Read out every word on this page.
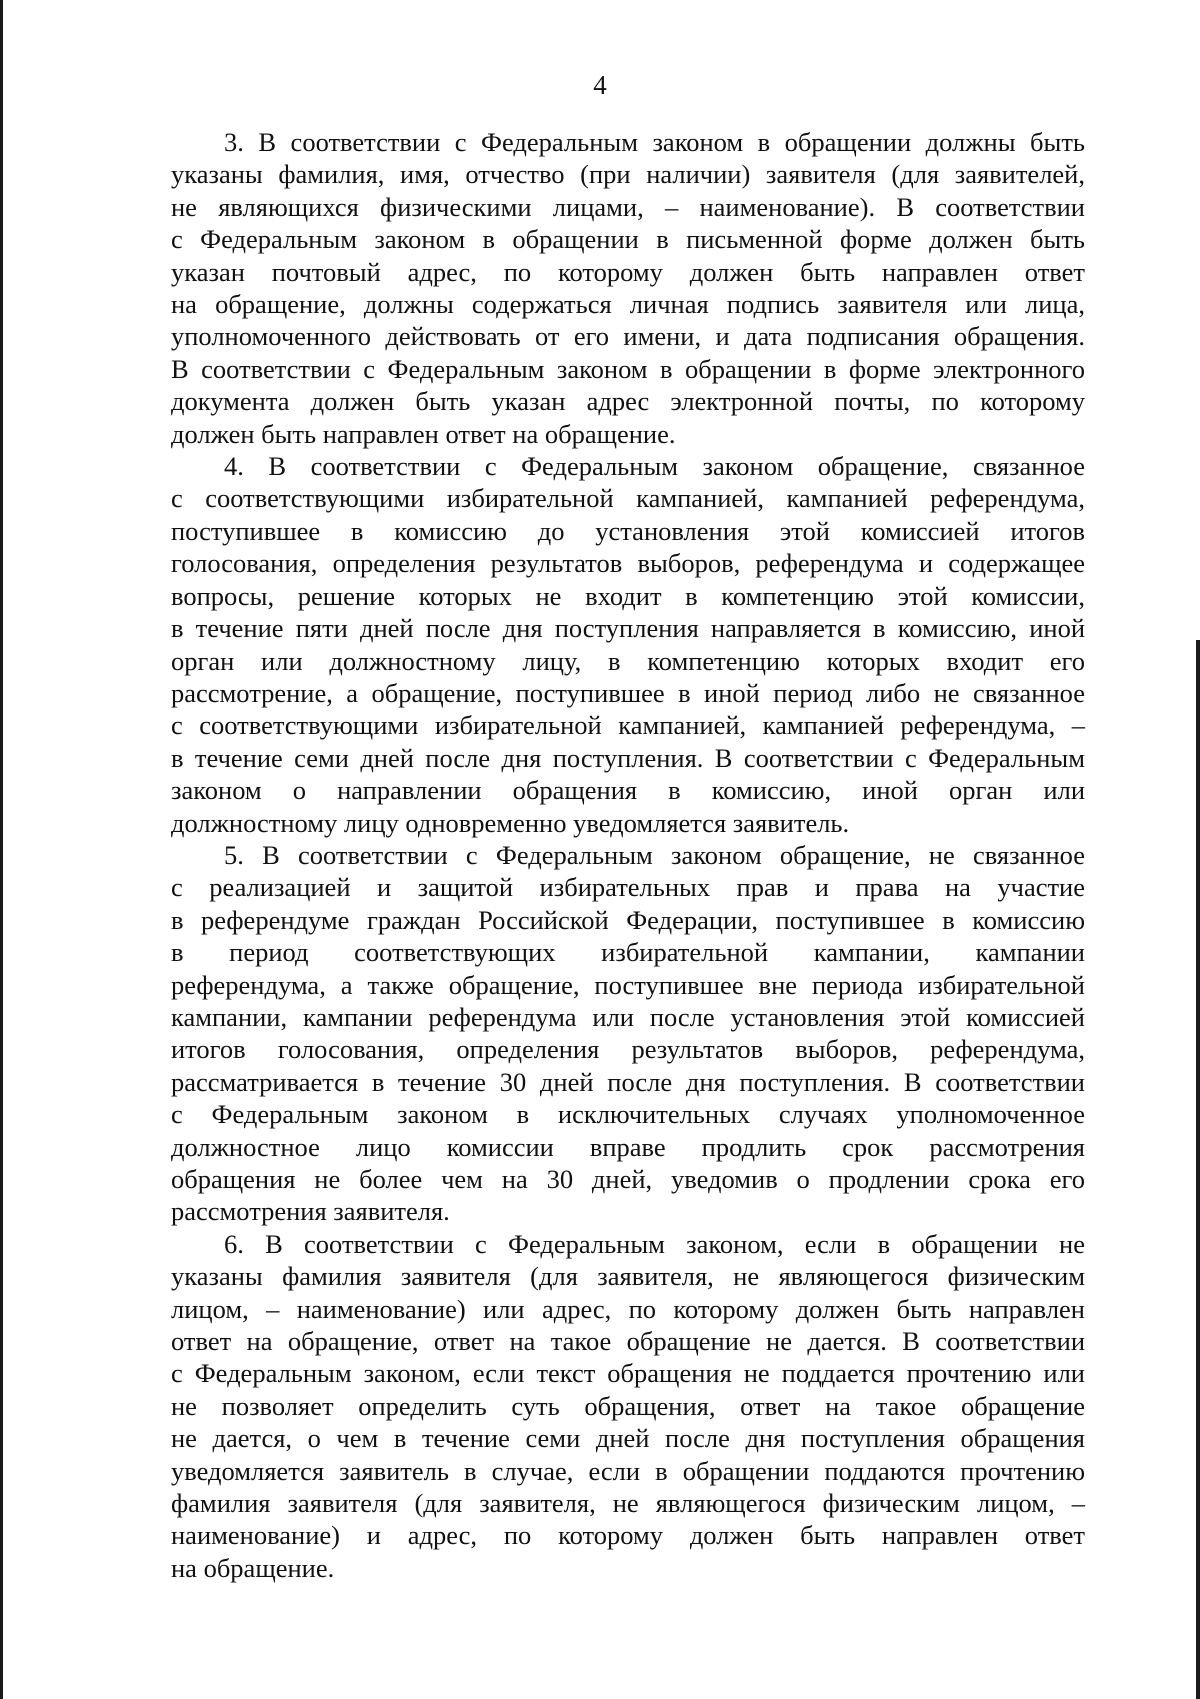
4
3. В соответствии с Федеральным законом в обращении должны быть
указаны фамилия, имя, отчество (при наличии) заявителя (для заявителей,
не являющихся физическими лицами, – наименование). В соответствии
с Федеральным законом в обращении в письменной форме должен быть
указан почтовый адрес, по которому должен быть направлен ответ
на обращение, должны содержаться личная подпись заявителя или лица,
уполномоченного действовать от его имени, и дата подписания обращения.
В соответствии с Федеральным законом в обращении в форме электронного
документа должен быть указан адрес электронной почты, по которому
должен быть направлен ответ на обращение.
4. В соответствии с Федеральным законом обращение, связанное
с соответствующими избирательной кампанией, кампанией референдума,
поступившее в комиссию до установления этой комиссией итогов
голосования, определения результатов выборов, референдума и содержащее
вопросы, решение которых не входит в компетенцию этой комиссии,
в течение пяти дней после дня поступления направляется в комиссию, иной
орган или должностному лицу, в компетенцию которых входит его
рассмотрение, а обращение, поступившее в иной период либо не связанное
с соответствующими избирательной кампанией, кампанией референдума, –
в течение семи дней после дня поступления. В соответствии с Федеральным
законом о направлении обращения в комиссию, иной орган или
должностному лицу одновременно уведомляется заявитель.
5. В соответствии с Федеральным законом обращение, не связанное
с реализацией и защитой избирательных прав и права на участие
в референдуме граждан Российской Федерации, поступившее в комиссию
в период соответствующих избирательной кампании, кампании
референдума, а также обращение, поступившее вне периода избирательной
кампании, кампании референдума или после установления этой комиссией
итогов голосования, определения результатов выборов, референдума,
рассматривается в течение 30 дней после дня поступления. В соответствии
с Федеральным законом в исключительных случаях уполномоченное
должностное лицо комиссии вправе продлить срок рассмотрения
обращения не более чем на 30 дней, уведомив о продлении срока его
рассмотрения заявителя.
6. В соответствии с Федеральным законом, если в обращении не
указаны фамилия заявителя (для заявителя, не являющегося физическим
лицом, – наименование) или адрес, по которому должен быть направлен
ответ на обращение, ответ на такое обращение не дается. В соответствии
с Федеральным законом, если текст обращения не поддается прочтению или
не позволяет определить суть обращения, ответ на такое обращение
не дается, о чем в течение семи дней после дня поступления обращения
уведомляется заявитель в случае, если в обращении поддаются прочтению
фамилия заявителя (для заявителя, не являющегося физическим лицом, –
наименование) и адрес, по которому должен быть направлен ответ
на обращение.
